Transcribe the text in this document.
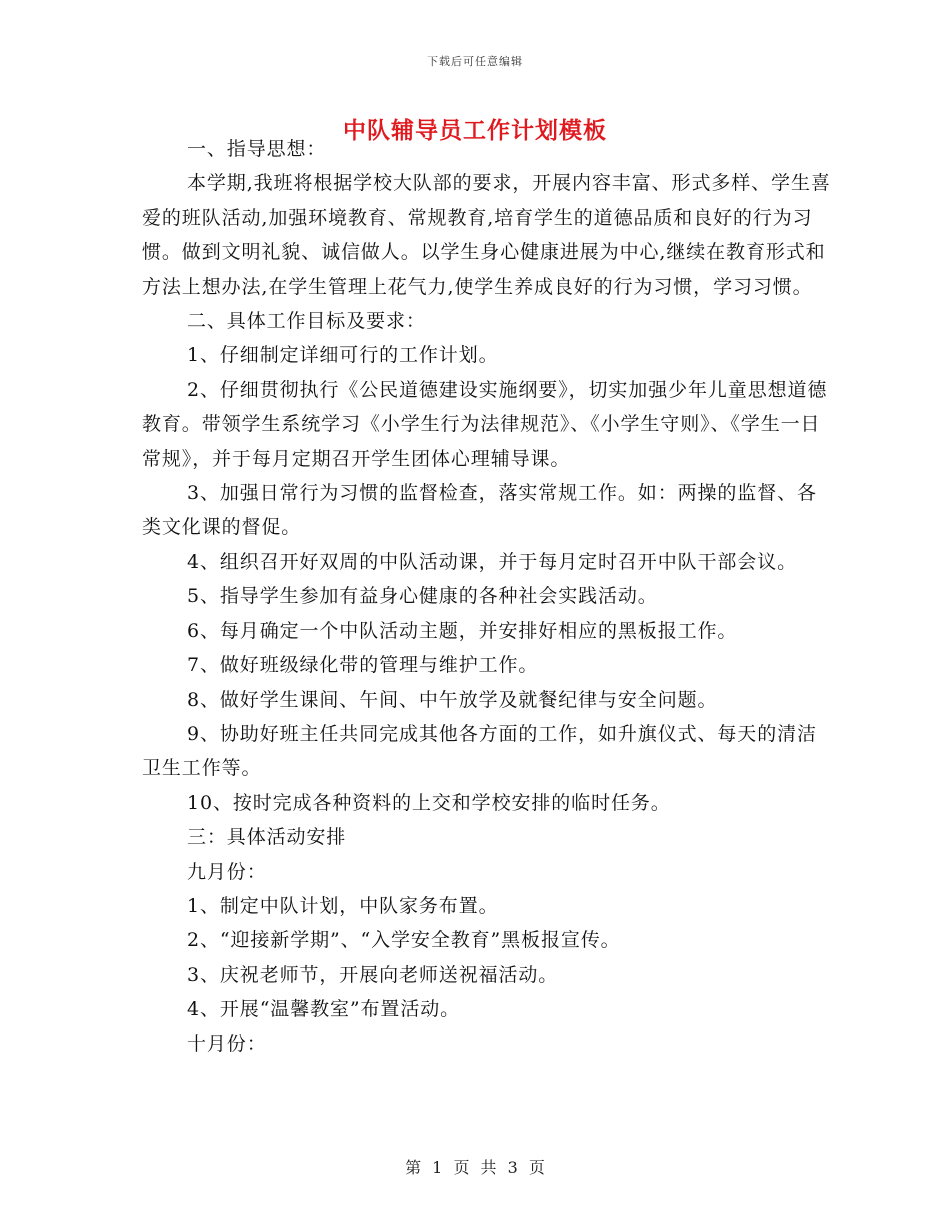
下载后可任意编辑
中队辅导员工作计划模板

一、指导思想：

本学期,我班将根据学校大队部的要求，开展内容丰富、形式多样、学生喜爱的班队活动,加强环境教育、常规教育,培育学生的道德品质和良好的行为习惯。做到文明礼貌、诚信做人。以学生身心健康进展为中心,继续在教育形式和方法上想办法,在学生管理上花气力,使学生养成良好的行为习惯，学习习惯。

二、具体工作目标及要求：

1、仔细制定详细可行的工作计划。

2、仔细贯彻执行《公民道德建设实施纲要》，切实加强少年儿童思想道德教育。带领学生系统学习《小学生行为法律规范》、《小学生守则》、《学生一日常规》，并于每月定期召开学生团体心理辅导课。

3、加强日常行为习惯的监督检查，落实常规工作。如：两操的监督、各类文化课的督促。

4、组织召开好双周的中队活动课，并于每月定时召开中队干部会议。

5、指导学生参加有益身心健康的各种社会实践活动。

6、每月确定一个中队活动主题，并安排好相应的黑板报工作。

7、做好班级绿化带的管理与维护工作。

8、做好学生课间、午间、中午放学及就餐纪律与安全问题。

9、协助好班主任共同完成其他各方面的工作，如升旗仪式、每天的清洁卫生工作等。

10、按时完成各种资料的上交和学校安排的临时任务。

三：具体活动安排

九月份：

1、制定中队计划，中队家务布置。

2、“迎接新学期”、“入学安全教育”黑板报宣传。

3、庆祝老师节，开展向老师送祝福活动。

4、开展“温馨教室”布置活动。

十月份：

第 1 页 共 3 页
